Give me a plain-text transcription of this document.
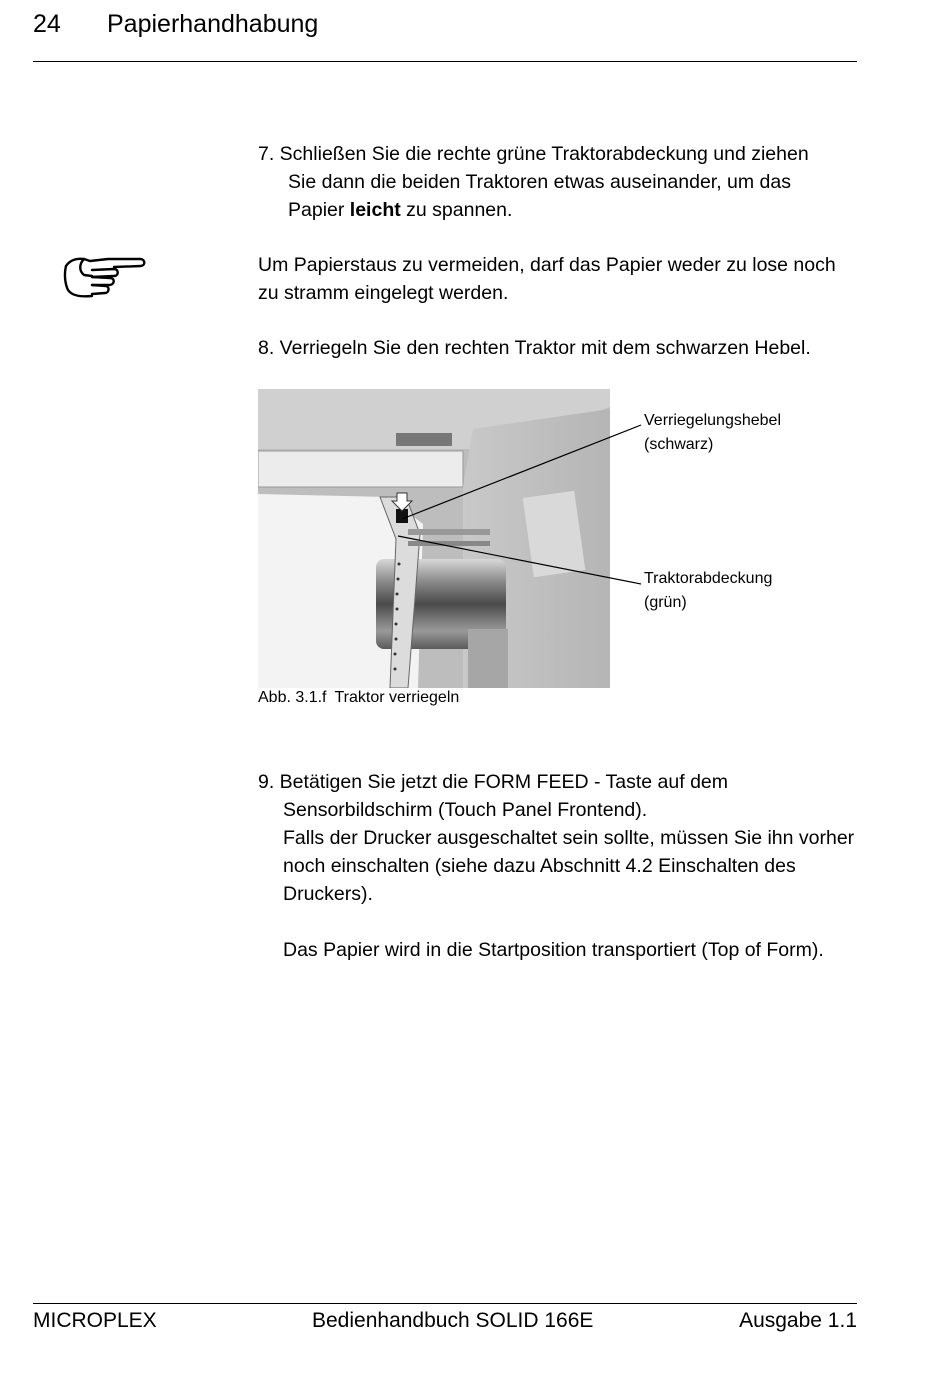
24 Papierhandhabung
7. Schließen Sie die rechte grüne Traktorabdeckung und ziehen
Sie dann die beiden Traktoren etwas auseinander, um das
Papier leicht zu spannen.
Um Papierstaus zu vermeiden, darf das Papier weder zu lose noch
zu stramm eingelegt werden.
8. Verriegeln Sie den rechten Traktor mit dem schwarzen Hebel.
Verriegelungshebel
(schwarz)
Traktorabdeckung
(grün)
Abb. 3.1.f Traktor verriegeln
9. Betätigen Sie jetzt die FORM FEED - Taste auf dem
Sensorbildschirm (Touch Panel Frontend).
Falls der Drucker ausgeschaltet sein sollte, müssen Sie ihn vorher
noch einschalten (siehe dazu Abschnitt 4.2 Einschalten des
Druckers).
Das Papier wird in die Startposition transportiert (Top of Form).
MICROPLEX	Bedienhandbuch SOLID 166E	Ausgabe 1.1
